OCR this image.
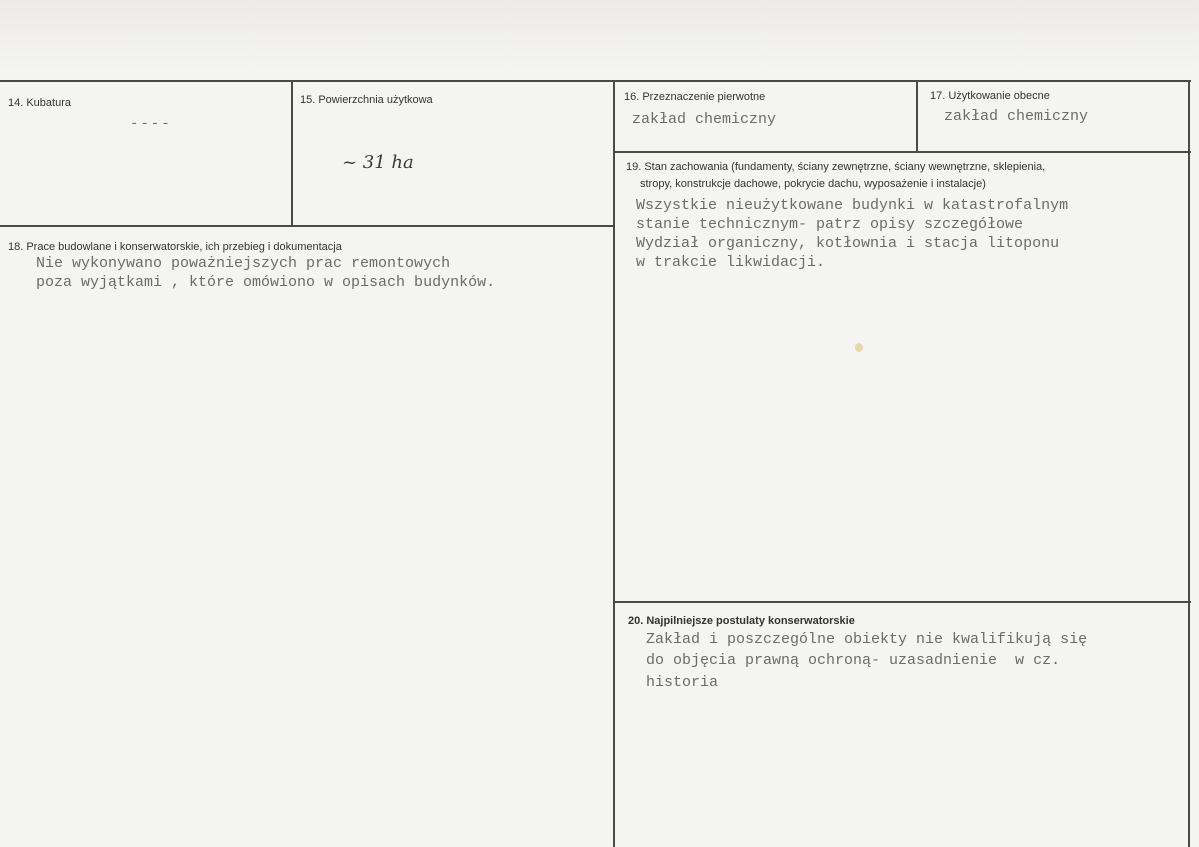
14. Kubatura
----
15. Powierzchnia użytkowa
~ 31 ha
16. Przeznaczenie pierwotne
zakład chemiczny
17. Użytkowanie obecne
zakład chemiczny
19. Stan zachowania (fundamenty, ściany zewnętrzne, ściany wewnętrzne, sklepienia,
stropy, konstrukcje dachowe, pokrycie dachu, wyposażenie i instalacje)
Wszystkie nieużytkowane budynki w katastrofalnym
stanie technicznym- patrz opisy szczegółowe
Wydział organiczny, kotłownia i stacja litoponu
w trakcie likwidacji.
18. Prace budowlane i konserwatorskie, ich przebieg i dokumentacja
Nie wykonywano poważniejszych prac remontowych
poza wyjątkami , które omówiono w opisach budynków.
20. Najpilniejsze postulaty konserwatorskie
Zakład i poszczególne obiekty nie kwalifikują się
do objęcia prawną ochroną- uzasadnienie  w cz.
historia
